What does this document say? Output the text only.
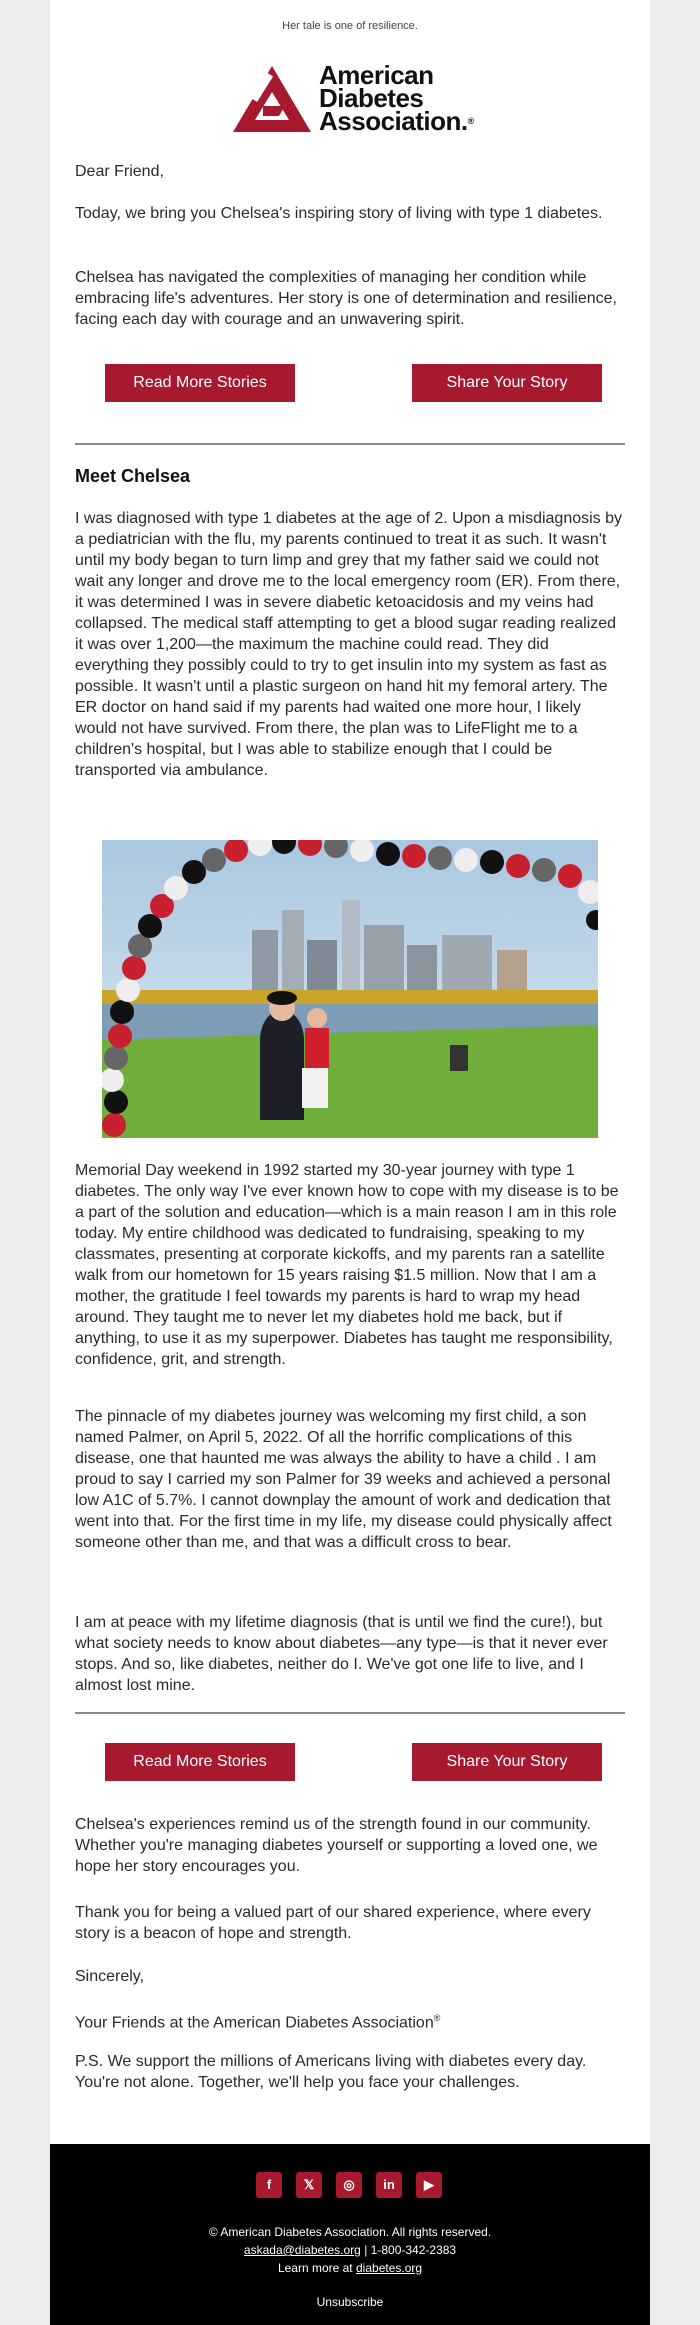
Her tale is one of resilience.
American
Diabetes
Association.®
Dear Friend,
Today, we bring you Chelsea's inspiring story of living with type 1 diabetes.
Chelsea has navigated the complexities of managing her condition while embracing life's adventures. Her story is one of determination and resilience, facing each day with courage and an unwavering spirit.
Read More Stories	Share Your Story
Meet Chelsea
I was diagnosed with type 1 diabetes at the age of 2. Upon a misdiagnosis by a pediatrician with the flu, my parents continued to treat it as such. It wasn't until my body began to turn limp and grey that my father said we could not wait any longer and drove me to the local emergency room (ER). From there, it was determined I was in severe diabetic ketoacidosis and my veins had collapsed. The medical staff attempting to get a blood sugar reading realized it was over 1,200—the maximum the machine could read. They did everything they possibly could to try to get insulin into my system as fast as possible. It wasn't until a plastic surgeon on hand hit my femoral artery. The ER doctor on hand said if my parents had waited one more hour, I likely would not have survived. From there, the plan was to LifeFlight me to a children's hospital, but I was able to stabilize enough that I could be transported via ambulance.
Memorial Day weekend in 1992 started my 30-year journey with type 1 diabetes. The only way I've ever known how to cope with my disease is to be a part of the solution and education—which is a main reason I am in this role today. My entire childhood was dedicated to fundraising, speaking to my classmates, presenting at corporate kickoffs, and my parents ran a satellite walk from our hometown for 15 years raising $1.5 million. Now that I am a mother, the gratitude I feel towards my parents is hard to wrap my head around. They taught me to never let my diabetes hold me back, but if anything, to use it as my superpower. Diabetes has taught me responsibility, confidence, grit, and strength.
The pinnacle of my diabetes journey was welcoming my first child, a son named Palmer, on April 5, 2022. Of all the horrific complications of this disease, one that haunted me was always the ability to have a child . I am proud to say I carried my son Palmer for 39 weeks and achieved a personal low A1C of 5.7%. I cannot downplay the amount of work and dedication that went into that. For the first time in my life, my disease could physically affect someone other than me, and that was a difficult cross to bear.
I am at peace with my lifetime diagnosis (that is until we find the cure!), but what society needs to know about diabetes—any type—is that it never ever stops. And so, like diabetes, neither do I. We've got one life to live, and I almost lost mine.
Read More Stories	Share Your Story
Chelsea's experiences remind us of the strength found in our community. Whether you're managing diabetes yourself or supporting a loved one, we hope her story encourages you.
Thank you for being a valued part of our shared experience, where every story is a beacon of hope and strength.
Sincerely,
Your Friends at the American Diabetes Association®
P.S. We support the millions of Americans living with diabetes every day. You're not alone. Together, we'll help you face your challenges.
f	𝕏	◎	in	▶
© American Diabetes Association. All rights reserved.
askada@diabetes.org | 1-800-342-2383
Learn more at diabetes.org
Unsubscribe
